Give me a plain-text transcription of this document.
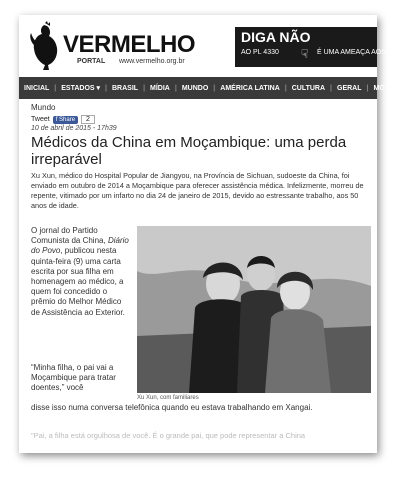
VERMELHO
PORTAL www.vermelho.org.br
DIGA NÃO
AO PL 4330 ☟ É UMA AMEAÇA AOS DI
INICIAL | ESTADOS ▾ | BRASIL | MÍDIA | MUNDO | AMÉRICA LATINA | CULTURA | GERAL | MO
Mundo
Tweet	f Share	2
10 de abril de 2015 - 17h39
Médicos da China em Moçambique: uma perda irreparável
Xu Xun, médico do Hospital Popular de Jiangyou, na Província de Sichuan, sudoeste da China, foi enviado em outubro de 2014 a Moçambique para oferecer assistência médica. Infelizmente, morreu de repente, vitimado por um infarto no dia 24 de janeiro de 2015, devido ao estressante trabalho, aos 50 anos de idade.
O jornal do Partido Comunista da China, Diário do Povo, publicou nesta quinta-feira (9) uma carta escrita por sua filha em homenagem ao médico, a quem foi concedido o prêmio do Melhor Médico de Assistência ao Exterior.
“Minha filha, o pai vai a Moçambique para tratar doentes,” você
disse isso numa conversa telefônica quando eu estava trabalhando em Xangai.
Xu Xun, com familiares
"Pai, a filha está orgulhosa de você. É o grande pai, que pode representar a China
